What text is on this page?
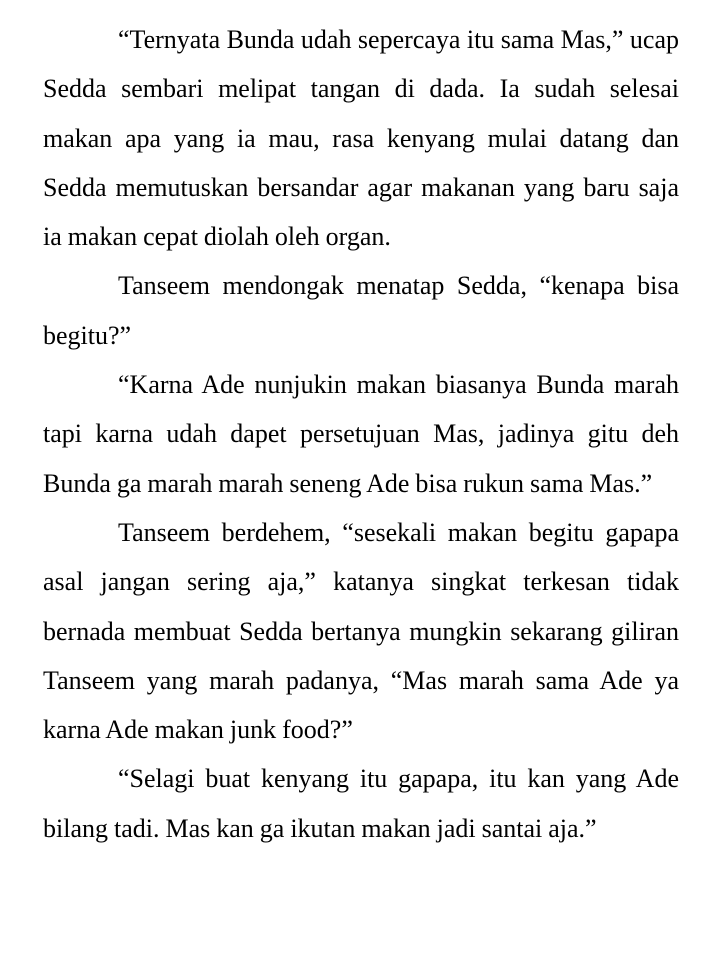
“Ternyata Bunda udah sepercaya itu sama Mas,” ucap Sedda sembari melipat tangan di dada. Ia sudah selesai makan apa yang ia mau, rasa kenyang mulai datang dan Sedda memutuskan bersandar agar makanan yang baru saja ia makan cepat diolah oleh organ.

Tanseem mendongak menatap Sedda, “kenapa bisa begitu?”

“Karna Ade nunjukin makan biasanya Bunda marah tapi karna udah dapet persetujuan Mas, jadinya gitu deh Bunda ga marah marah seneng Ade bisa rukun sama Mas.”

Tanseem berdehem, “sesekali makan begitu gapapa asal jangan sering aja,” katanya singkat terkesan tidak bernada membuat Sedda bertanya mungkin sekarang giliran Tanseem yang marah padanya, “Mas marah sama Ade ya karna Ade makan junk food?”

“Selagi buat kenyang itu gapapa, itu kan yang Ade bilang tadi. Mas kan ga ikutan makan jadi santai aja.”
